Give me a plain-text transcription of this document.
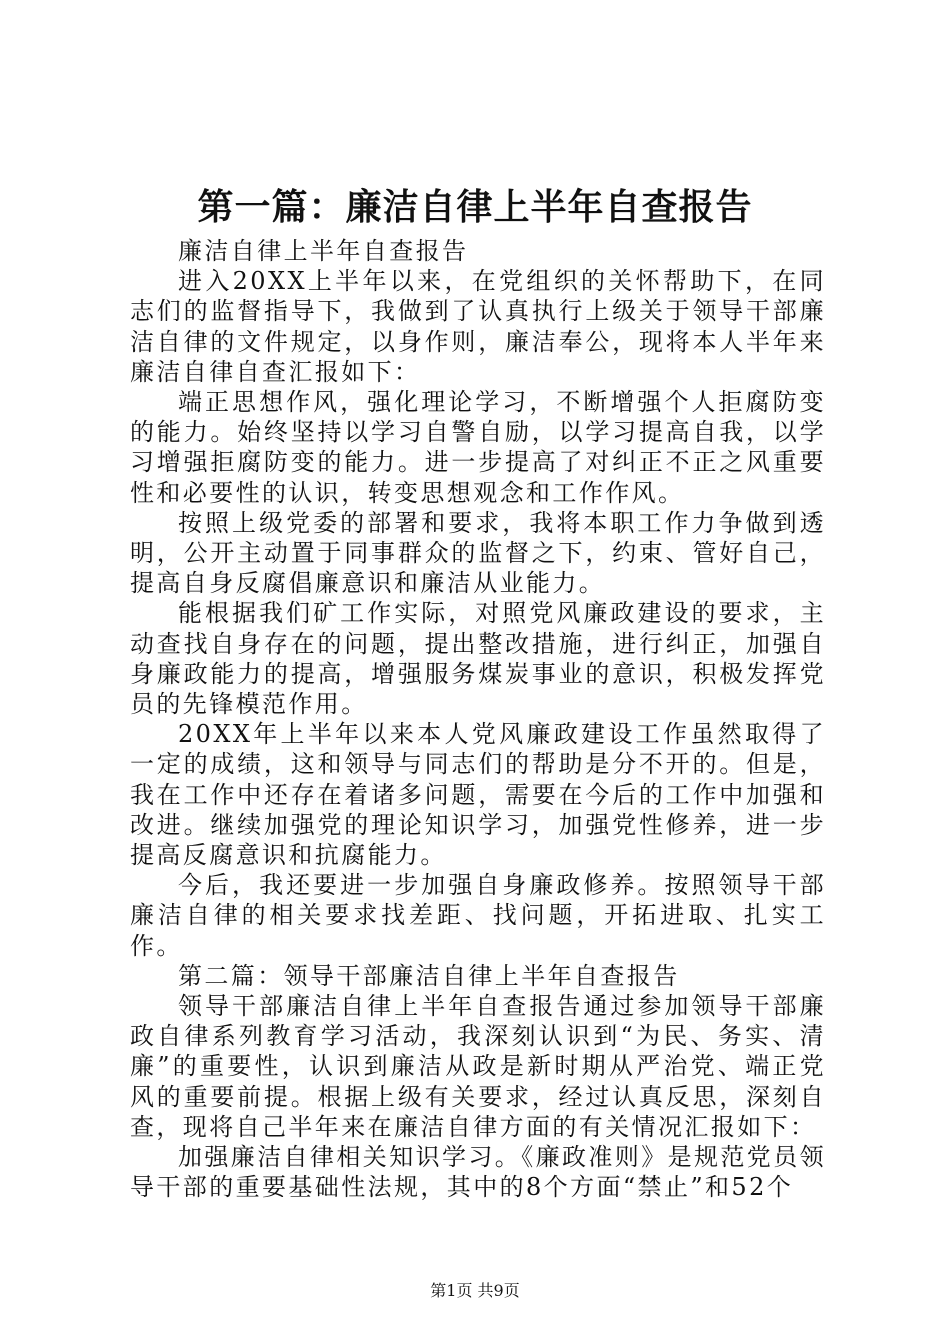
第一篇：廉洁自律上半年自查报告

廉洁自律上半年自查报告

进入20XX上半年以来，在党组织的关怀帮助下，在同志们的监督指导下，我做到了认真执行上级关于领导干部廉洁自律的文件规定，以身作则，廉洁奉公，现将本人半年来廉洁自律自查汇报如下：

端正思想作风，强化理论学习，不断增强个人拒腐防变的能力。始终坚持以学习自警自励，以学习提高自我，以学习增强拒腐防变的能力。进一步提高了对纠正不正之风重要性和必要性的认识，转变思想观念和工作作风。

按照上级党委的部署和要求，我将本职工作力争做到透明，公开主动置于同事群众的监督之下，约束、管好自己，提高自身反腐倡廉意识和廉洁从业能力。

能根据我们矿工作实际，对照党风廉政建设的要求，主动查找自身存在的问题，提出整改措施，进行纠正，加强自身廉政能力的提高，增强服务煤炭事业的意识，积极发挥党员的先锋模范作用。

20XX年上半年以来本人党风廉政建设工作虽然取得了一定的成绩，这和领导与同志们的帮助是分不开的。但是，我在工作中还存在着诸多问题，需要在今后的工作中加强和改进。继续加强党的理论知识学习，加强党性修养，进一步提高反腐意识和抗腐能力。

今后，我还要进一步加强自身廉政修养。按照领导干部廉洁自律的相关要求找差距、找问题，开拓进取、扎实工作。

第二篇：领导干部廉洁自律上半年自查报告

领导干部廉洁自律上半年自查报告通过参加领导干部廉政自律系列教育学习活动，我深刻认识到“为民、务实、清廉”的重要性，认识到廉洁从政是新时期从严治党、端正党风的重要前提。根据上级有关要求，经过认真反思，深刻自查，现将自己半年来在廉洁自律方面的有关情况汇报如下：

加强廉洁自律相关知识学习。《廉政准则》是规范党员领导干部的重要基础性法规，其中的8个方面“禁止”和52个

第1页 共9页
